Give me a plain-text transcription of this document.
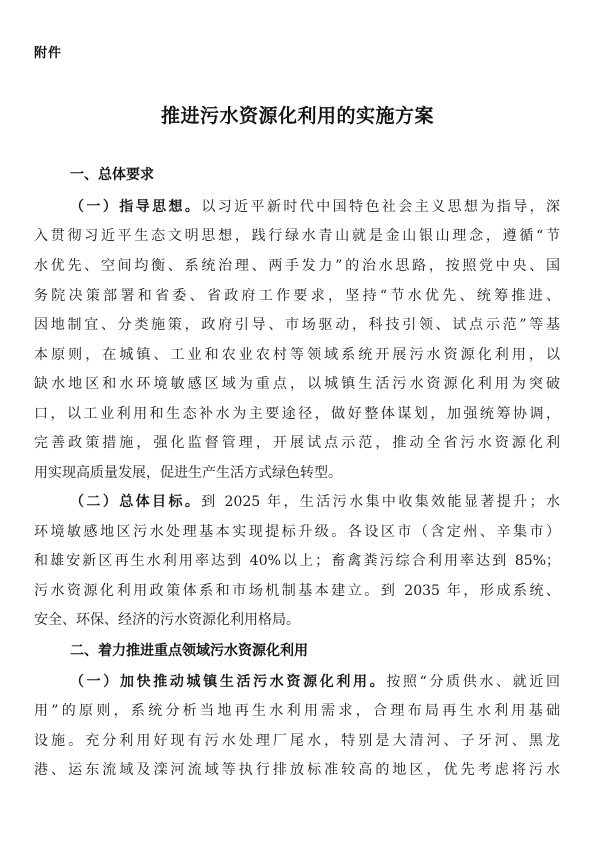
附件
推进污水资源化利用的实施方案
一、总体要求
（一）指导思想。以习近平新时代中国特色社会主义思想为指导，深
入贯彻习近平生态文明思想，践行绿水青山就是金山银山理念，遵循“节
水优先、空间均衡、系统治理、两手发力”的治水思路，按照党中央、国
务院决策部署和省委、省政府工作要求，坚持“节水优先、统筹推进、
因地制宜、分类施策，政府引导、市场驱动，科技引领、试点示范”等基
本原则，在城镇、工业和农业农村等领域系统开展污水资源化利用，以
缺水地区和水环境敏感区域为重点，以城镇生活污水资源化利用为突破
口，以工业利用和生态补水为主要途径，做好整体谋划，加强统筹协调，
完善政策措施，强化监督管理，开展试点示范，推动全省污水资源化利
用实现高质量发展，促进生产生活方式绿色转型。
（二）总体目标。到 2025 年，生活污水集中收集效能显著提升；水
环境敏感地区污水处理基本实现提标升级。各设区市（含定州、辛集市）
和雄安新区再生水利用率达到 40%以上；畜禽粪污综合利用率达到 85%；
污水资源化利用政策体系和市场机制基本建立。到 2035 年，形成系统、
安全、环保、经济的污水资源化利用格局。
二、着力推进重点领域污水资源化利用
（一）加快推动城镇生活污水资源化利用。按照“分质供水、就近回
用”的原则，系统分析当地再生水利用需求，合理布局再生水利用基础
设施。充分利用好现有污水处理厂尾水，特别是大清河、子牙河、黑龙
港、运东流域及滦河流域等执行排放标准较高的地区，优先考虑将污水
